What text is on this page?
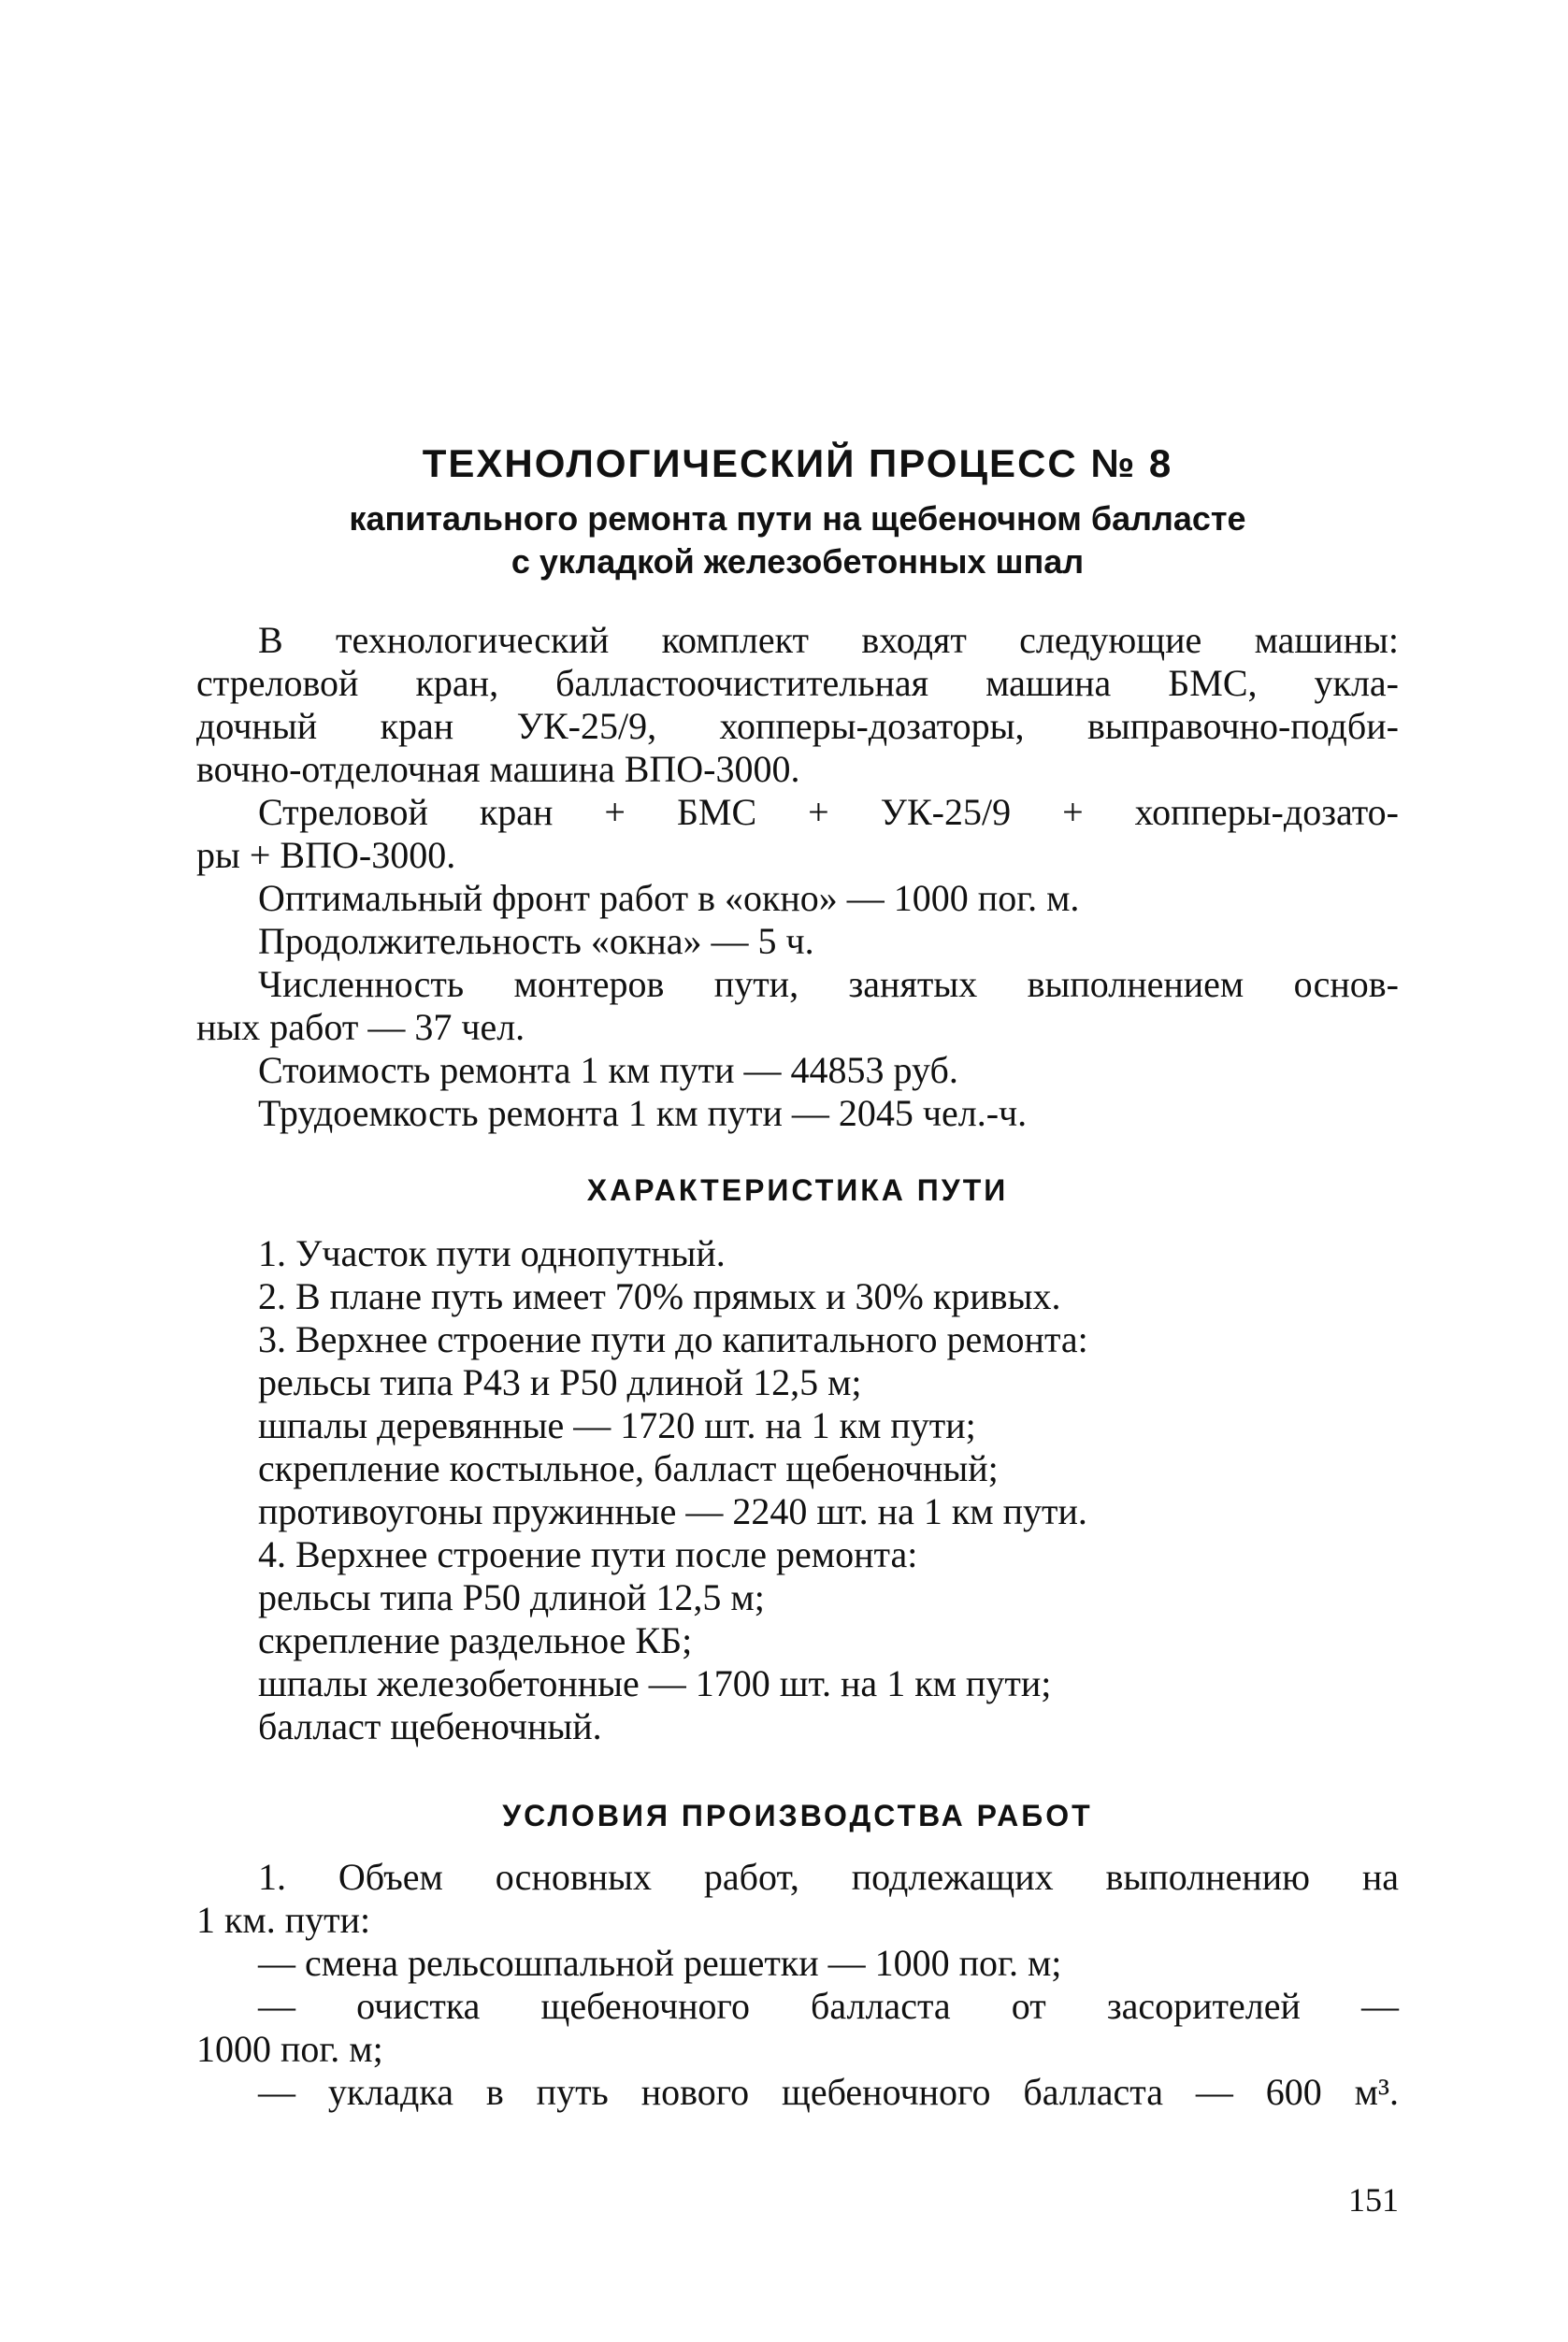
ТЕХНОЛОГИЧЕСКИЙ ПРОЦЕСС № 8
капитального ремонта пути на щебеночном балласте
с укладкой железобетонных шпал
В технологический комплект входят следующие машины:
стреловой кран, балластоочистительная машина БМС, укла-
дочный кран УК-25/9, хопперы-дозаторы, выправочно-подби-
вочно-отделочная машина ВПО-3000.
Стреловой кран + БМС + УК-25/9 + хопперы-дозато-
ры + ВПО-3000.
Оптимальный фронт работ в «окно» — 1000 пог. м.
Продолжительность «окна» — 5 ч.
Численность монтеров пути, занятых выполнением основ-
ных работ — 37 чел.
Стоимость ремонта 1 км пути — 44853 руб.
Трудоемкость ремонта 1 км пути — 2045 чел.-ч.
ХАРАКТЕРИСТИКА ПУТИ
1. Участок пути однопутный.
2. В плане путь имеет 70% прямых и 30% кривых.
3. Верхнее строение пути до капитального ремонта:
рельсы типа Р43 и Р50 длиной 12,5 м;
шпалы деревянные — 1720 шт. на 1 км пути;
скрепление костыльное, балласт щебеночный;
противоугоны пружинные — 2240 шт. на 1 км пути.
4. Верхнее строение пути после ремонта:
рельсы типа Р50 длиной 12,5 м;
скрепление раздельное КБ;
шпалы железобетонные — 1700 шт. на 1 км пути;
балласт щебеночный.
УСЛОВИЯ ПРОИЗВОДСТВА РАБОТ
1. Объем основных работ, подлежащих выполнению на
1 км. пути:
— смена рельсошпальной решетки — 1000 пог. м;
— очистка щебеночного балласта от засорителей —
1000 пог. м;
— укладка в путь нового щебеночного балласта — 600 м³.
151
